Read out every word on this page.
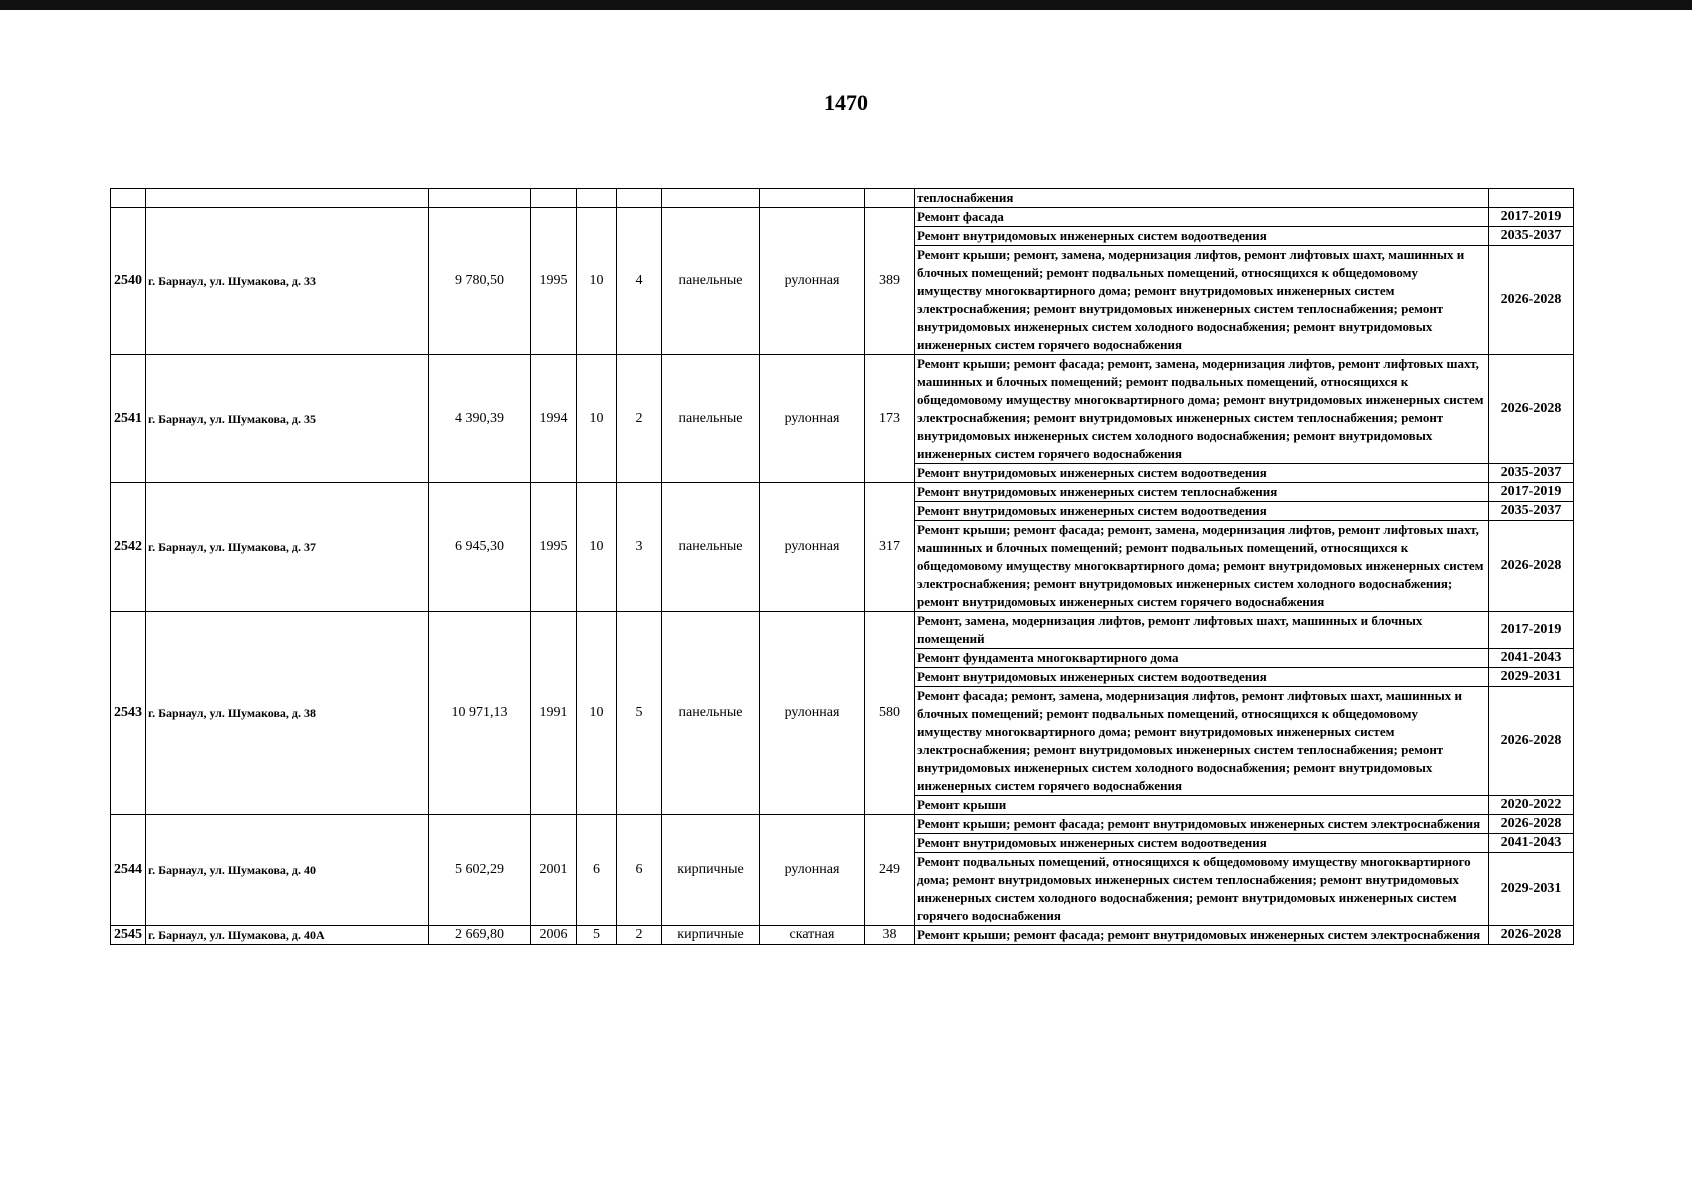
1470
									теплоснабжения	
2540	г. Барнаул, ул. Шумакова, д. 33	9 780,50	1995	10	4	панельные	рулонная	389	Ремонт фасада	2017-2019
									Ремонт внутридомовых инженерных систем водоотведения	2035-2037
									Ремонт крыши; ремонт, замена, модернизация лифтов, ремонт лифтовых шахт, машинных и блочных помещений; ремонт подвальных помещений, относящихся к общедомовому имуществу многоквартирного дома; ремонт внутридомовых инженерных систем электроснабжения; ремонт внутридомовых инженерных систем теплоснабжения; ремонт внутридомовых инженерных систем холодного водоснабжения; ремонт внутридомовых инженерных систем горячего водоснабжения	2026-2028
2541	г. Барнаул, ул. Шумакова, д. 35	4 390,39	1994	10	2	панельные	рулонная	173	Ремонт крыши; ремонт фасада; ремонт, замена, модернизация лифтов, ремонт лифтовых шахт, машинных и блочных помещений; ремонт подвальных помещений, относящихся к общедомовому имуществу многоквартирного дома; ремонт внутридомовых инженерных систем электроснабжения; ремонт внутридомовых инженерных систем теплоснабжения; ремонт внутридомовых инженерных систем холодного водоснабжения; ремонт внутридомовых инженерных систем горячего водоснабжения	2026-2028
									Ремонт внутридомовых инженерных систем водоотведения	2035-2037
2542	г. Барнаул, ул. Шумакова, д. 37	6 945,30	1995	10	3	панельные	рулонная	317	Ремонт внутридомовых инженерных систем теплоснабжения	2017-2019
									Ремонт внутридомовых инженерных систем водоотведения	2035-2037
									Ремонт крыши; ремонт фасада; ремонт, замена, модернизация лифтов, ремонт лифтовых шахт, машинных и блочных помещений; ремонт подвальных помещений, относящихся к общедомовому имуществу многоквартирного дома; ремонт внутридомовых инженерных систем электроснабжения; ремонт внутридомовых инженерных систем холодного водоснабжения; ремонт внутридомовых инженерных систем горячего водоснабжения	2026-2028
2543	г. Барнаул, ул. Шумакова, д. 38	10 971,13	1991	10	5	панельные	рулонная	580	Ремонт, замена, модернизация лифтов, ремонт лифтовых шахт, машинных и блочных помещений	2017-2019
									Ремонт фундамента многоквартирного дома	2041-2043
									Ремонт внутридомовых инженерных систем водоотведения	2029-2031
									Ремонт фасада; ремонт, замена, модернизация лифтов, ремонт лифтовых шахт, машинных и блочных помещений; ремонт подвальных помещений, относящихся к общедомовому имуществу многоквартирного дома; ремонт внутридомовых инженерных систем электроснабжения; ремонт внутридомовых инженерных систем теплоснабжения; ремонт внутридомовых инженерных систем холодного водоснабжения; ремонт внутридомовых инженерных систем горячего водоснабжения	2026-2028
									Ремонт крыши	2020-2022
2544	г. Барнаул, ул. Шумакова, д. 40	5 602,29	2001	6	6	кирпичные	рулонная	249	Ремонт крыши; ремонт фасада; ремонт внутридомовых инженерных систем электроснабжения	2026-2028
									Ремонт внутридомовых инженерных систем водоотведения	2041-2043
									Ремонт подвальных помещений, относящихся к общедомовому имуществу многоквартирного дома; ремонт внутридомовых инженерных систем теплоснабжения; ремонт внутридомовых инженерных систем холодного водоснабжения; ремонт внутридомовых инженерных систем горячего водоснабжения	2029-2031
2545	г. Барнаул, ул. Шумакова, д. 40А	2 669,80	2006	5	2	кирпичные	скатная	38	Ремонт крыши; ремонт фасада; ремонт внутридомовых инженерных систем электроснабжения	2026-2028
